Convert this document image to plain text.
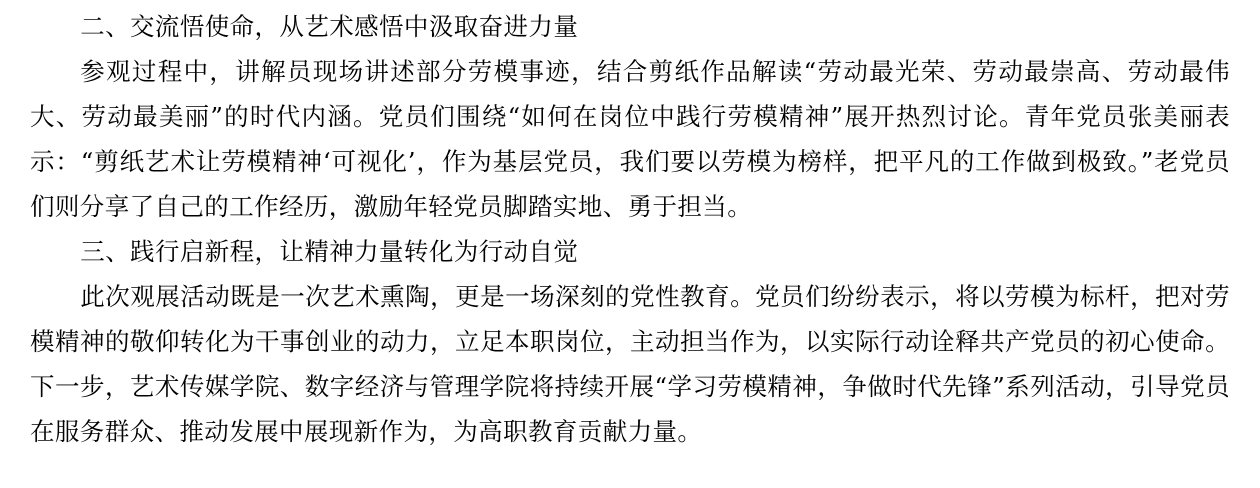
二、交流悟使命，从艺术感悟中汲取奋进力量

参观过程中，讲解员现场讲述部分劳模事迹，结合剪纸作品解读“劳动最光荣、劳动最崇高、劳动最伟大、劳动最美丽”的时代内涵。党员们围绕“如何在岗位中践行劳模精神”展开热烈讨论。青年党员张美丽表示：“剪纸艺术让劳模精神‘可视化’，作为基层党员，我们要以劳模为榜样，把平凡的工作做到极致。”老党员们则分享了自己的工作经历，激励年轻党员脚踏实地、勇于担当。

三、践行启新程，让精神力量转化为行动自觉

此次观展活动既是一次艺术熏陶，更是一场深刻的党性教育。党员们纷纷表示，将以劳模为标杆，把对劳模精神的敬仰转化为干事创业的动力，立足本职岗位，主动担当作为，以实际行动诠释共产党员的初心使命。下一步，艺术传媒学院、数字经济与管理学院将持续开展“学习劳模精神，争做时代先锋”系列活动，引导党员在服务群众、推动发展中展现新作为，为高职教育贡献力量。
